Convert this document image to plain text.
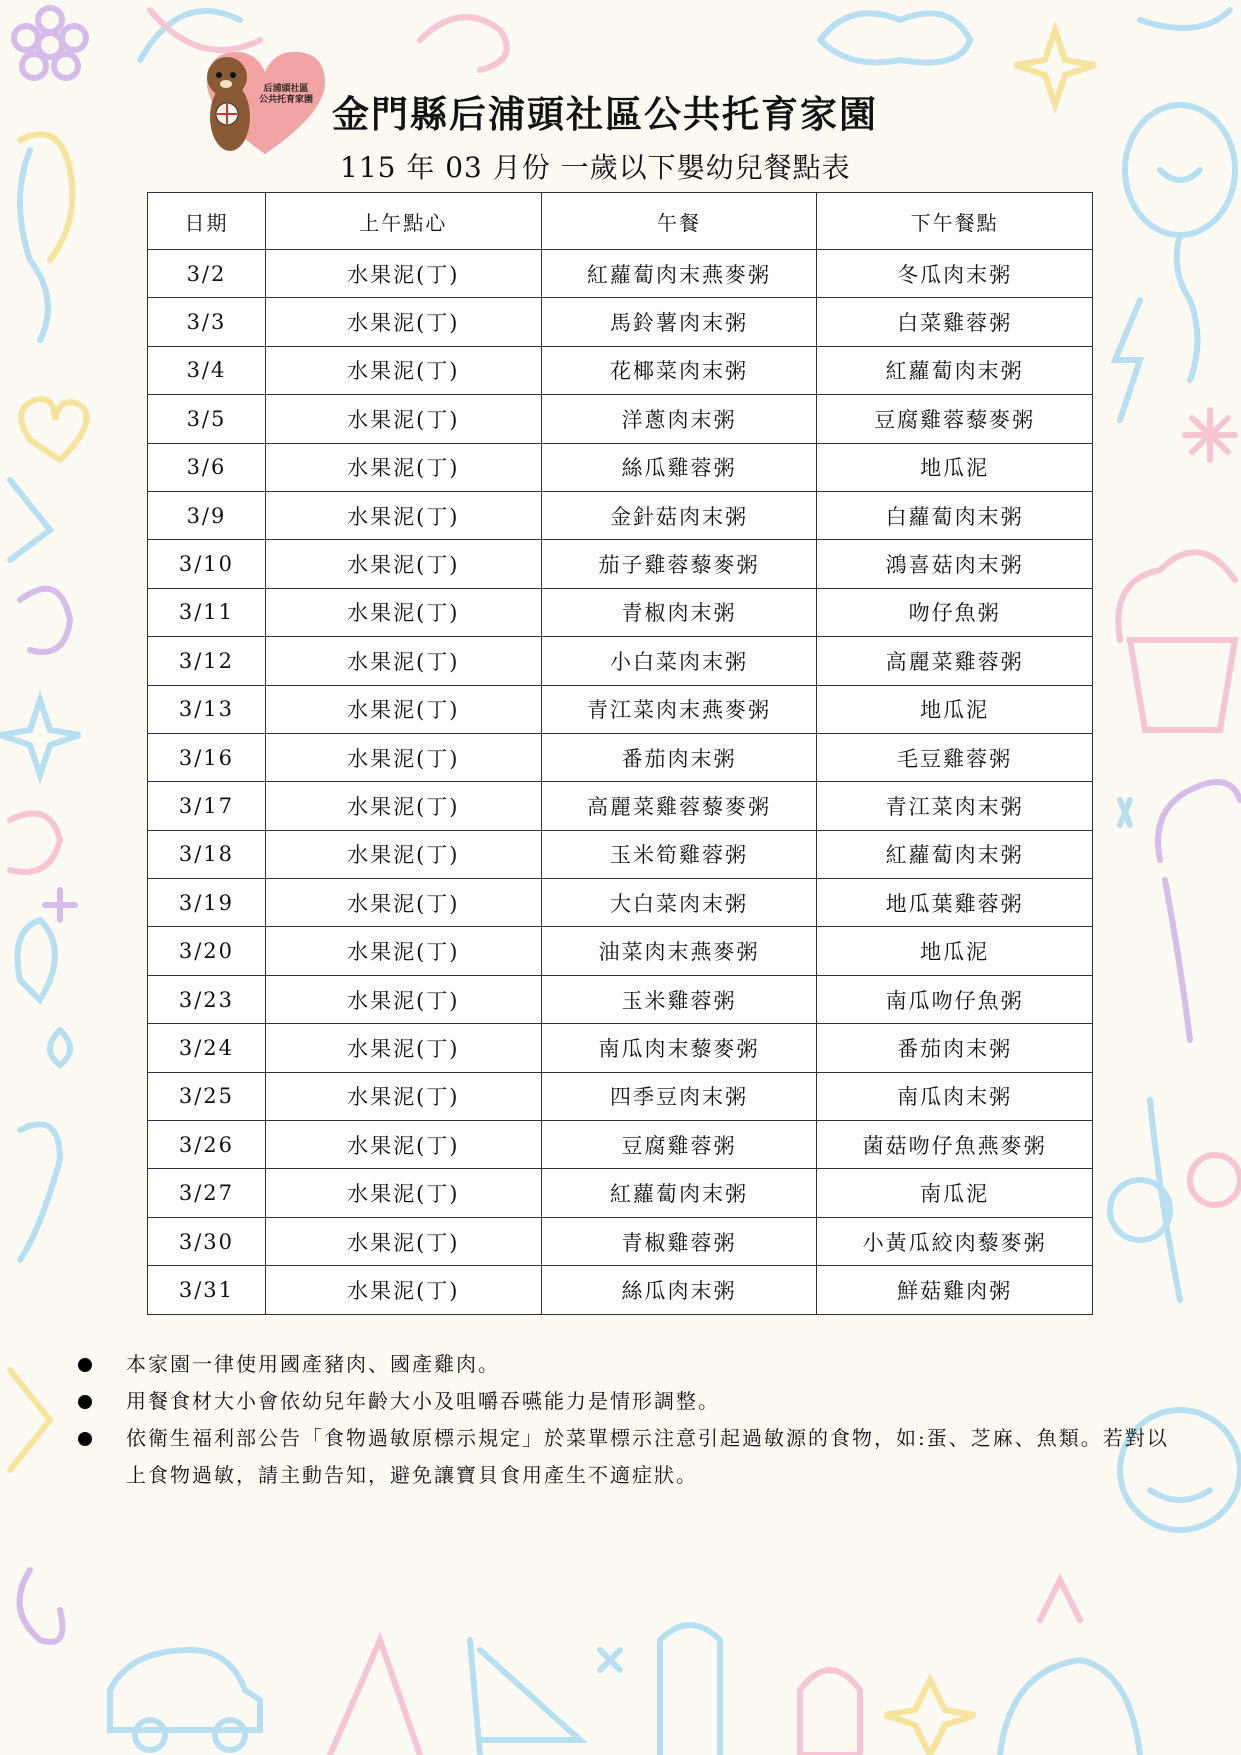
后浦頭社區
公共托育家園 金門縣后浦頭社區公共托育家園
115 年 03 月份 一歲以下嬰幼兒餐點表
日期	上午點心	午餐	下午餐點
3/2	水果泥(丁)	紅蘿蔔肉末燕麥粥	冬瓜肉末粥
3/3	水果泥(丁)	馬鈴薯肉末粥	白菜雞蓉粥
3/4	水果泥(丁)	花椰菜肉末粥	紅蘿蔔肉末粥
3/5	水果泥(丁)	洋蔥肉末粥	豆腐雞蓉藜麥粥
3/6	水果泥(丁)	絲瓜雞蓉粥	地瓜泥
3/9	水果泥(丁)	金針菇肉末粥	白蘿蔔肉末粥
3/10	水果泥(丁)	茄子雞蓉藜麥粥	鴻喜菇肉末粥
3/11	水果泥(丁)	青椒肉末粥	吻仔魚粥
3/12	水果泥(丁)	小白菜肉末粥	高麗菜雞蓉粥
3/13	水果泥(丁)	青江菜肉末燕麥粥	地瓜泥
3/16	水果泥(丁)	番茄肉末粥	毛豆雞蓉粥
3/17	水果泥(丁)	高麗菜雞蓉藜麥粥	青江菜肉末粥
3/18	水果泥(丁)	玉米筍雞蓉粥	紅蘿蔔肉末粥
3/19	水果泥(丁)	大白菜肉末粥	地瓜葉雞蓉粥
3/20	水果泥(丁)	油菜肉末燕麥粥	地瓜泥
3/23	水果泥(丁)	玉米雞蓉粥	南瓜吻仔魚粥
3/24	水果泥(丁)	南瓜肉末藜麥粥	番茄肉末粥
3/25	水果泥(丁)	四季豆肉末粥	南瓜肉末粥
3/26	水果泥(丁)	豆腐雞蓉粥	菌菇吻仔魚燕麥粥
3/27	水果泥(丁)	紅蘿蔔肉末粥	南瓜泥
3/30	水果泥(丁)	青椒雞蓉粥	小黃瓜絞肉藜麥粥
3/31	水果泥(丁)	絲瓜肉末粥	鮮菇雞肉粥
本家園一律使用國產豬肉、國產雞肉。
用餐食材大小會依幼兒年齡大小及咀嚼吞嚥能力是情形調整。
依衛生福利部公告「食物過敏原標示規定」於菜單標示注意引起過敏源的食物，如:蛋、芝麻、魚類。若對以上食物過敏，請主動告知，避免讓寶貝食用產生不適症狀。
